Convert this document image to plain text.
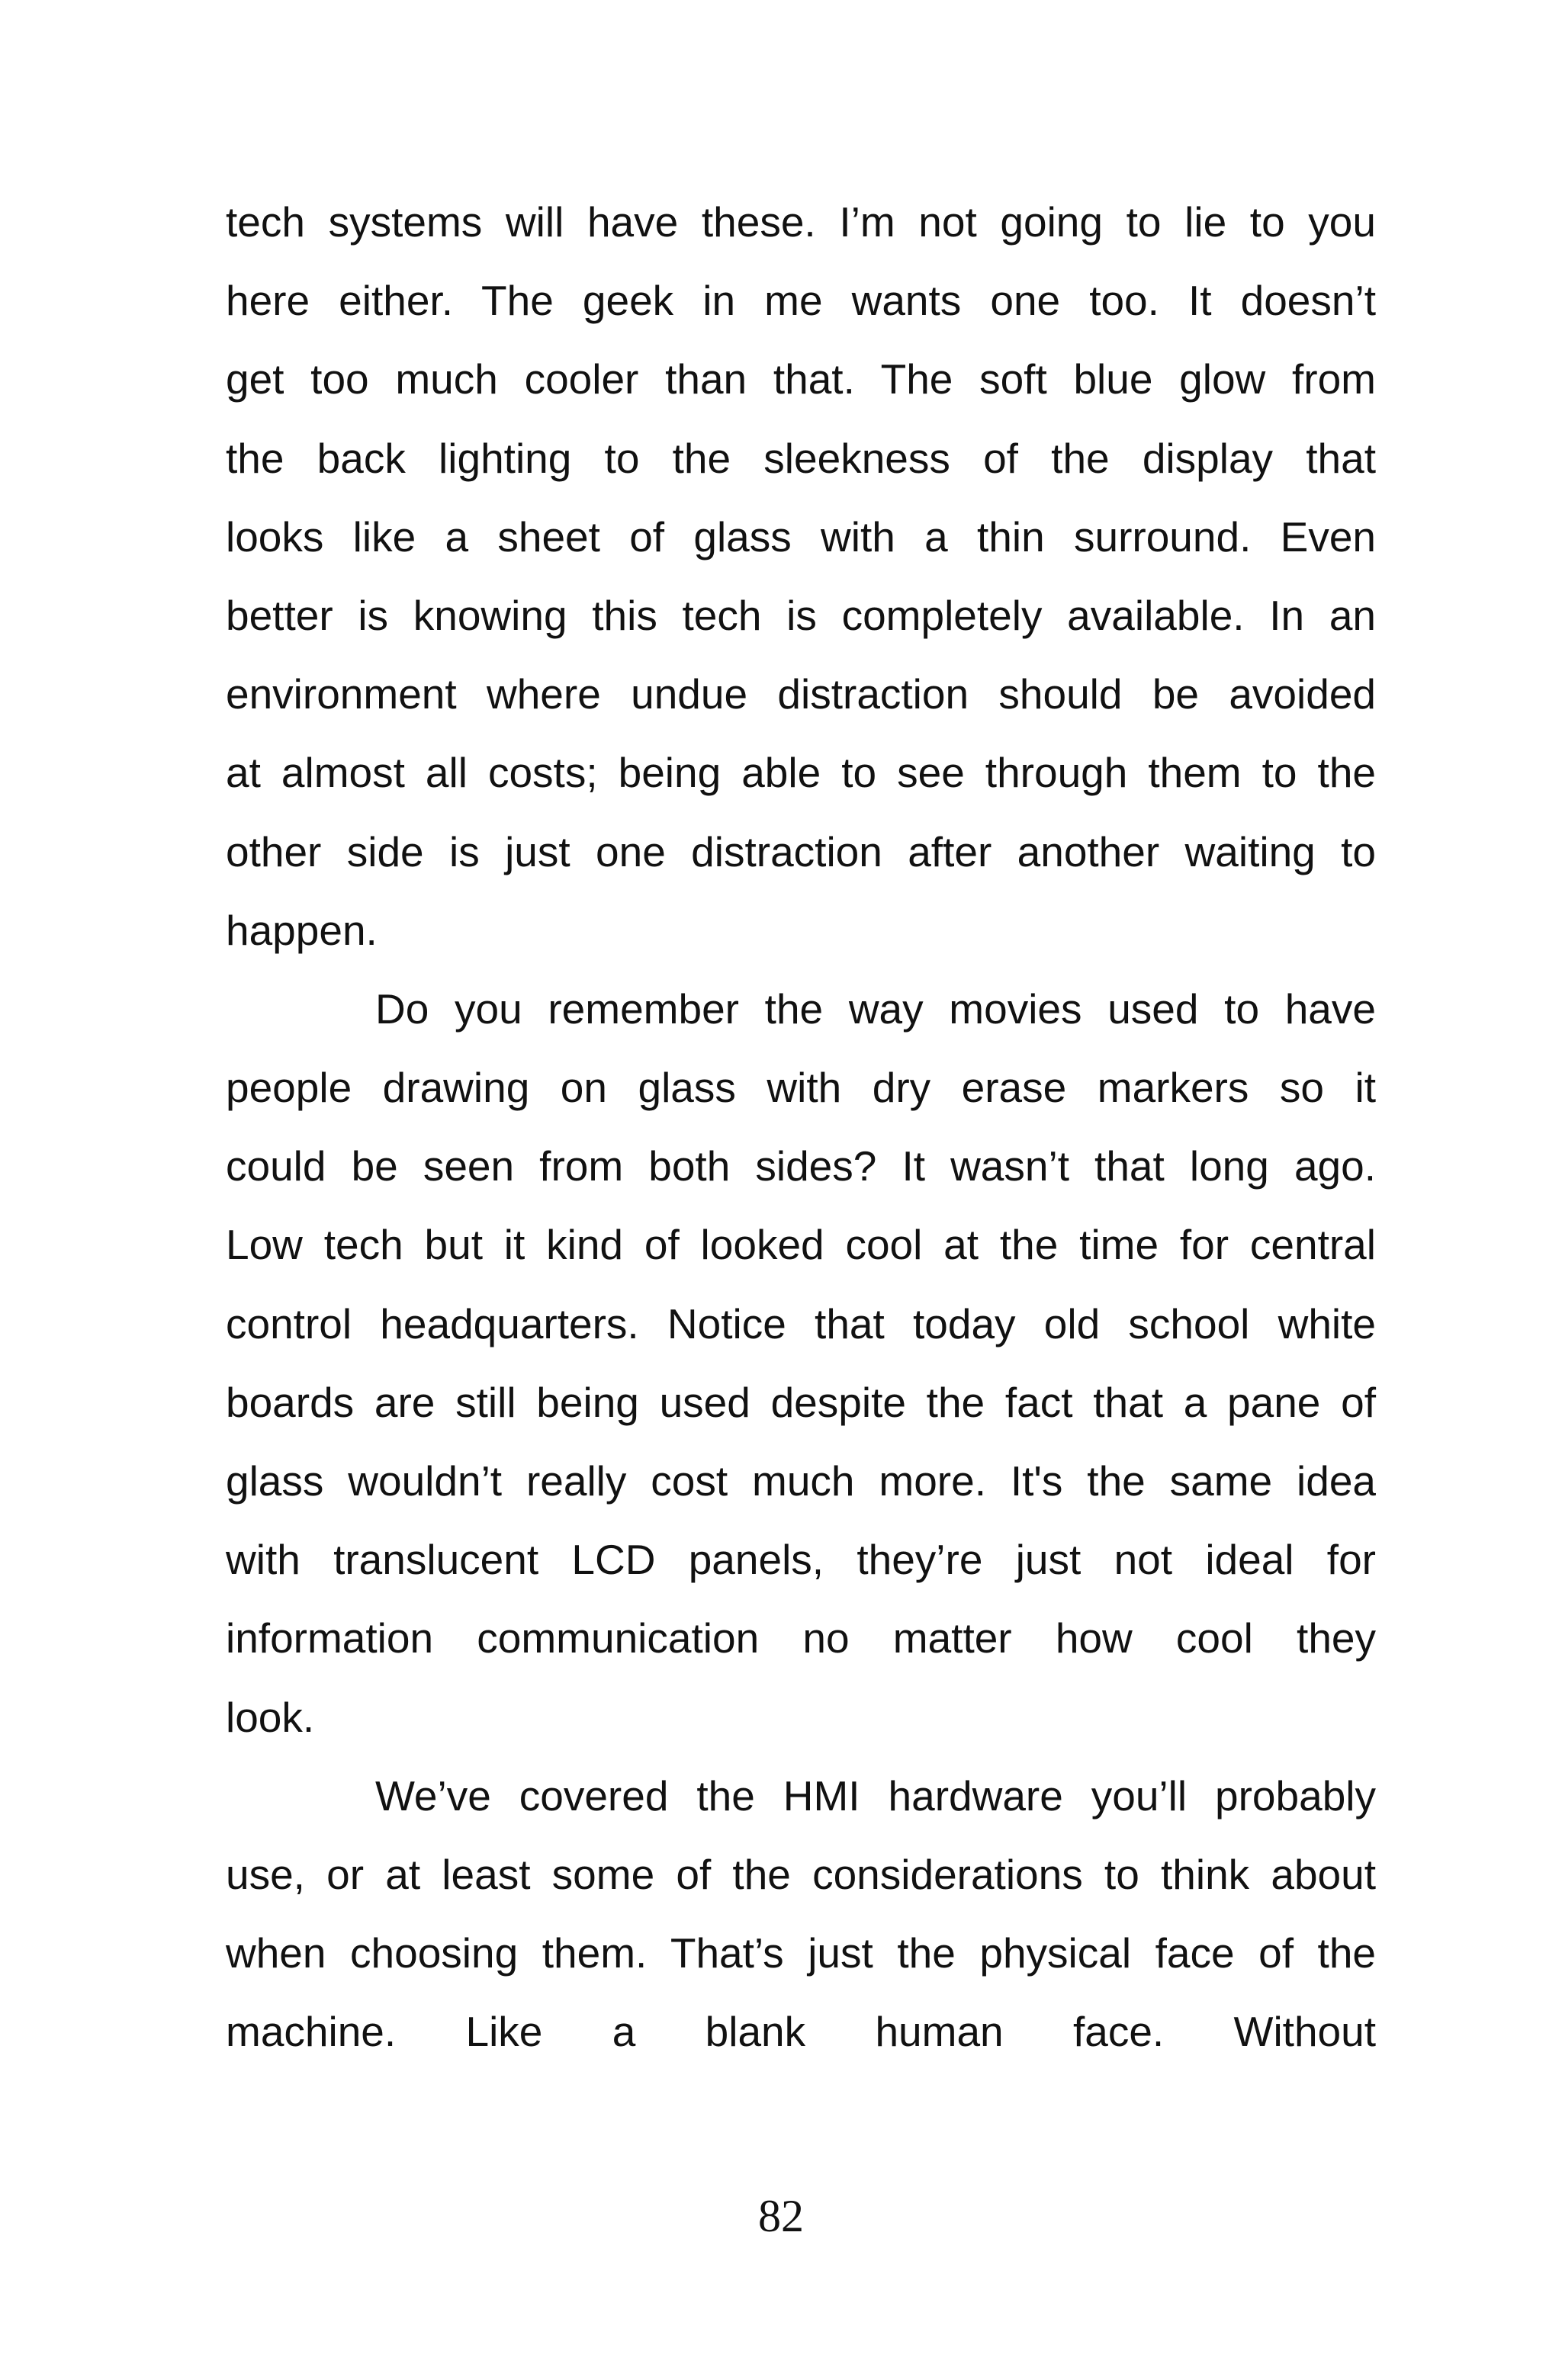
tech systems will have these. I’m not going to lie to you
here either. The geek in me wants one too. It doesn’t
get too much cooler than that. The soft blue glow from
the back lighting to the sleekness of the display that
looks like a sheet of glass with a thin surround. Even
better is knowing this tech is completely available. In an
environment where undue distraction should be avoided
at almost all costs; being able to see through them to the
other side is just one distraction after another waiting to
happen.
Do you remember the way movies used to have
people drawing on glass with dry erase markers so it
could be seen from both sides? It wasn’t that long ago.
Low tech but it kind of looked cool at the time for central
control headquarters. Notice that today old school white
boards are still being used despite the fact that a pane of
glass wouldn’t really cost much more. It's the same idea
with translucent LCD panels, they’re just not ideal for
information communication no matter how cool they
look.
We’ve covered the HMI hardware you’ll probably
use, or at least some of the considerations to think about
when choosing them. That’s just the physical face of the
machine. Like a blank human face. Without
82
